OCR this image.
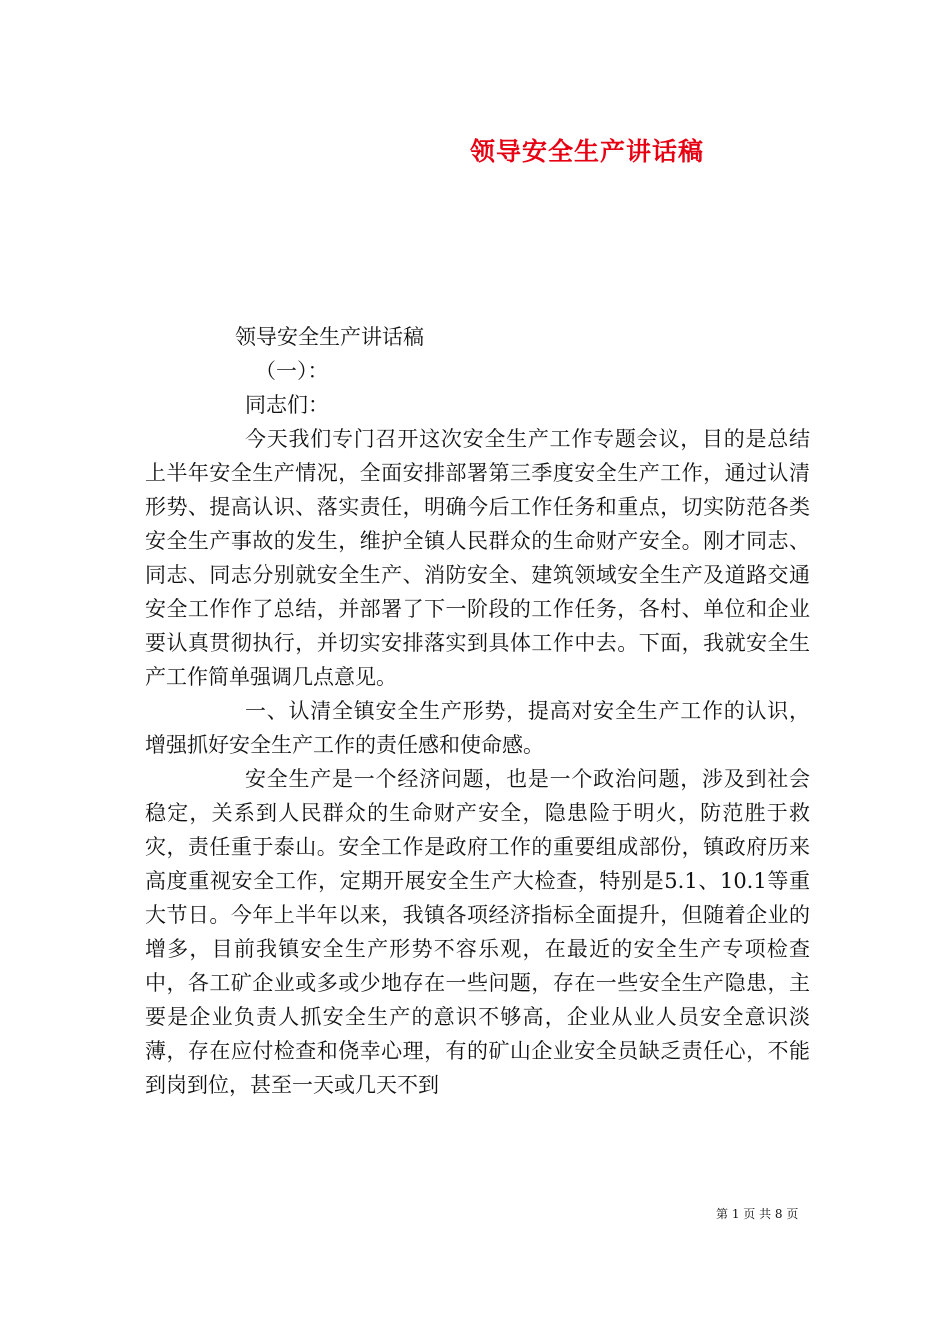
领导安全生产讲话稿
领导安全生产讲话稿
（一）：
同志们：
今天我们专门召开这次安全生产工作专题会议，目的是总结上半年安全生产情况，全面安排部署第三季度安全生产工作，通过认清形势、提高认识、落实责任，明确今后工作任务和重点，切实防范各类安全生产事故的发生，维护全镇人民群众的生命财产安全。刚才同志、同志、同志分别就安全生产、消防安全、建筑领域安全生产及道路交通安全工作作了总结，并部署了下一阶段的工作任务，各村、单位和企业要认真贯彻执行，并切实安排落实到具体工作中去。下面，我就安全生产工作简单强调几点意见。
一、认清全镇安全生产形势，提高对安全生产工作的认识，增强抓好安全生产工作的责任感和使命感。
安全生产是一个经济问题，也是一个政治问题，涉及到社会稳定，关系到人民群众的生命财产安全，隐患险于明火，防范胜于救灾，责任重于泰山。安全工作是政府工作的重要组成部份，镇政府历来高度重视安全工作，定期开展安全生产大检查，特别是5.1、10.1等重大节日。今年上半年以来，我镇各项经济指标全面提升，但随着企业的增多，目前我镇安全生产形势不容乐观，在最近的安全生产专项检查中，各工矿企业或多或少地存在一些问题，存在一些安全生产隐患，主要是企业负责人抓安全生产的意识不够高，企业从业人员安全意识淡薄，存在应付检查和侥幸心理，有的矿山企业安全员缺乏责任心，不能到岗到位，甚至一天或几天不到
第 1 页 共 8 页
